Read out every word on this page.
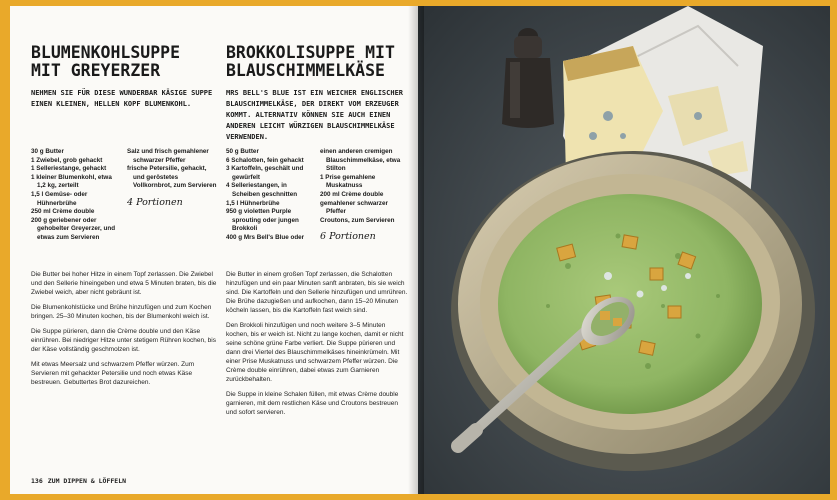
BLUMENKOHLSUPPE
MIT GREYERZER

NEHMEN SIE FÜR DIESE WUNDERBAR KÄSIGE SUPPE EINEN KLEINEN, HELLEN KOPF BLUMENKOHL.

30 g Butter
1 Zwiebel, grob gehackt
1 Selleriestange, gehackt
1 kleiner Blumenkohl, etwa 1,2 kg, zerteilt
1,5 l Gemüse- oder Hühnerbrühe
250 ml Crème double
200 g geriebener oder gehobelter Greyerzer, und etwas zum Servieren
Salz und frisch gemahlener schwarzer Pfeffer
frische Petersilie, gehackt, und geröstetes Vollkornbrot, zum Servieren
4 Portionen

Die Butter bei hoher Hitze in einem Topf zerlassen. Die Zwiebel und den Sellerie hineingeben und etwa 5 Minuten braten, bis die Zwiebel weich, aber nicht gebräunt ist.

Die Blumenkohlstücke und Brühe hinzufügen und zum Kochen bringen. 25–30 Minuten kochen, bis der Blumenkohl weich ist.

Die Suppe pürieren, dann die Crème double und den Käse einrühren. Bei niedriger Hitze unter stetigem Rühren kochen, bis der Käse vollständig geschmolzen ist.

Mit etwas Meersalz und schwarzem Pfeffer würzen. Zum Servieren mit gehackter Petersilie und noch etwas Käse bestreuen. Gebuttertes Brot dazureichen.

BROKKOLISUPPE MIT
BLAUSCHIMMELKÄSE

MRS BELL'S BLUE IST EIN WEICHER ENGLISCHER BLAUSCHIMMELKÄSE, DER DIREKT VOM ERZEUGER KOMMT. ALTERNATIV KÖNNEN SIE AUCH EINEN ANDEREN LEICHT WÜRZIGEN BLAUSCHIMMELKÄSE VERWENDEN.

50 g Butter
6 Schalotten, fein gehackt
3 Kartoffeln, geschält und gewürfelt
4 Selleriestangen, in Scheiben geschnitten
1,5 l Hühnerbrühe
950 g violetten Purple sprouting oder jungen Brokkoli
400 g Mrs Bell's Blue oder
einen anderen cremigen Blauschimmelkäse, etwa Stilton
1 Prise gemahlene Muskatnuss
200 ml Crème double
gemahlener schwarzer Pfeffer
Croutons, zum Servieren
6 Portionen

Die Butter in einem großen Topf zerlassen, die Schalotten hinzufügen und ein paar Minuten sanft anbraten, bis sie weich sind. Die Kartoffeln und den Sellerie hinzufügen und umrühren. Die Brühe dazugießen und aufkochen, dann 15–20 Minuten köcheln lassen, bis die Kartoffeln fast weich sind.

Den Brokkoli hinzufügen und noch weitere 3–5 Minuten kochen, bis er weich ist. Nicht zu lange kochen, damit er nicht seine schöne grüne Farbe verliert. Die Suppe pürieren und dann drei Viertel des Blauschimmelkäses hineinkrümeln. Mit einer Prise Muskatnuss und schwarzem Pfeffer würzen. Die Crème double einrühren, dabei etwas zum Garnieren zurückbehalten.

Die Suppe in kleine Schalen füllen, mit etwas Crème double garnieren, mit dem restlichen Käse und Croutons bestreuen und sofort servieren.

136 ZUM DIPPEN & LÖFFELN
